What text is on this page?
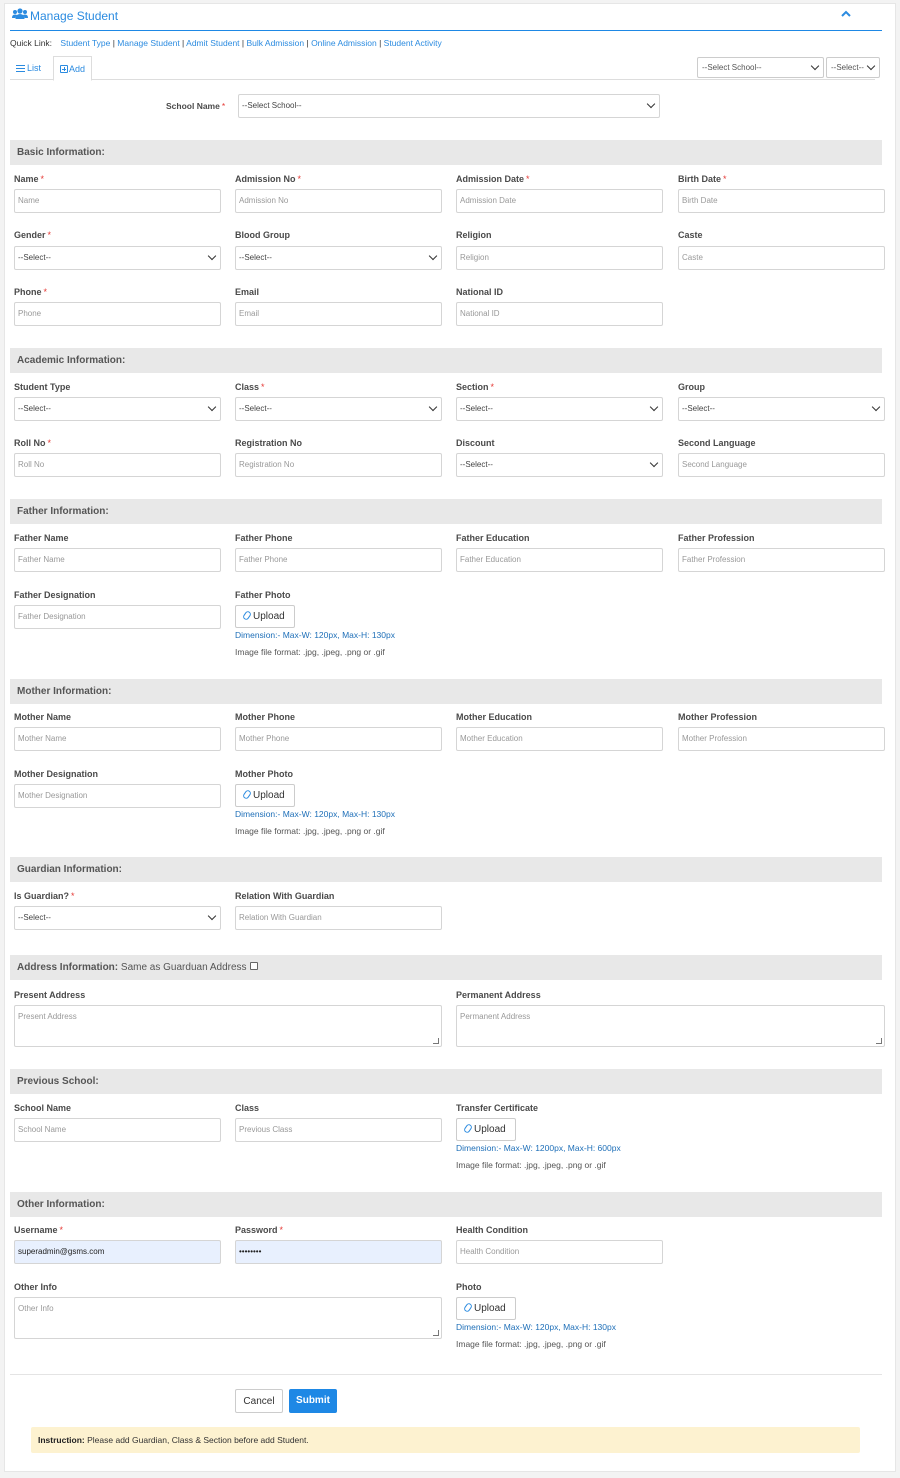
Manage Student
Quick Link: Student Type | Manage Student | Admit Student | Bulk Admission | Online Admission | Student Activity
List	Add	--Select School--	--Select--
School Name *	--Select School--
Basic Information:
Name *
Name
Admission No *
Admission No
Admission Date *
Admission Date
Birth Date *
Birth Date
Gender *
--Select--
Blood Group
--Select--
Religion
Religion
Caste
Caste
Phone *
Phone
Email
Email
National ID
National ID
Academic Information:
Student Type
--Select--
Class *
--Select--
Section *
--Select--
Group
--Select--
Roll No *
Roll No
Registration No
Registration No
Discount
--Select--
Second Language
Second Language
Father Information:
Father Name
Father Name
Father Phone
Father Phone
Father Education
Father Education
Father Profession
Father Profession
Father Designation
Father Designation
Father Photo
Upload
Dimension:- Max-W: 120px, Max-H: 130px
Image file format: .jpg, .jpeg, .png or .gif
Mother Information:
Mother Name
Mother Name
Mother Phone
Mother Phone
Mother Education
Mother Education
Mother Profession
Mother Profession
Mother Designation
Mother Designation
Mother Photo
Upload
Dimension:- Max-W: 120px, Max-H: 130px
Image file format: .jpg, .jpeg, .png or .gif
Guardian Information:
Is Guardian? *
--Select--
Relation With Guardian
Relation With Guardian
Address Information: Same as Guarduan Address
Present Address
Present Address
Permanent Address
Permanent Address
Previous School:
School Name
School Name
Class
Previous Class
Transfer Certificate
Upload
Dimension:- Max-W: 1200px, Max-H: 600px
Image file format: .jpg, .jpeg, .png or .gif
Other Information:
Username *
superadmin@gsms.com
Password *
••••••••
Health Condition
Health Condition
Other Info
Other Info
Photo
Upload
Dimension:- Max-W: 120px, Max-H: 130px
Image file format: .jpg, .jpeg, .png or .gif
Cancel	Submit
Instruction: Please add Guardian, Class & Section before add Student.
